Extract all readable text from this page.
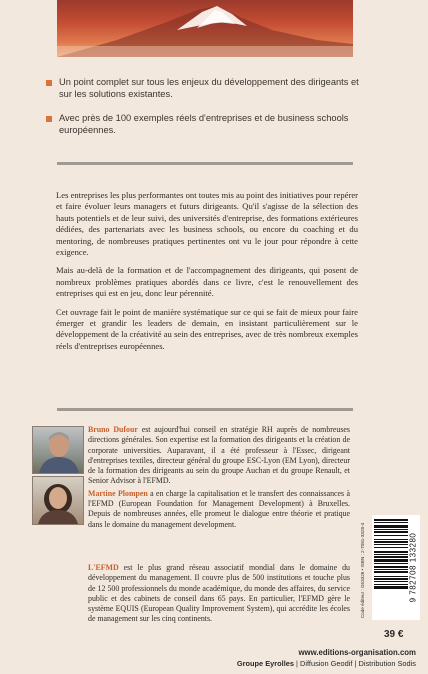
Un point complet sur tous les enjeux du développement des dirigeants et sur les solutions existantes.
Avec près de 100 exemples réels d'entreprises et de business schools européennes.

Les entreprises les plus performantes ont toutes mis au point des initiatives pour repérer et faire évoluer leurs managers et futurs dirigeants. Qu'il s'agisse de la sélection des hauts potentiels et de leur suivi, des universités d'entreprise, des formations extérieures dédiées, des partenariats avec les business schools, ou encore du coaching et du mentoring, de nombreuses pratiques pertinentes ont vu le jour pour répondre à cette exigence.

Mais au-delà de la formation et de l'accompagnement des dirigeants, qui posent de nombreux problèmes pratiques abordés dans ce livre, c'est le renouvellement des entreprises qui est en jeu, donc leur pérennité.

Cet ouvrage fait le point de manière systématique sur ce qui se fait de mieux pour faire émerger et grandir les leaders de demain, en insistant particulièrement sur le développement de la créativité au sein des entreprises, avec de très nombreux exemples réels d'entreprises européennes.

Bruno Dufour est aujourd'hui conseil en stratégie RH auprès de nombreuses directions générales. Son expertise est la formation des dirigeants et la création de corporate universities. Auparavant, il a été professeur à l'Essec, dirigeant d'entreprises textiles, directeur général du groupe ESC-Lyon (EM Lyon), directeur de la formation des dirigeants au sein du groupe Auchan et du groupe Renault, et Senior Advisor à l'EFMD.

Martine Plompen a en charge la capitalisation et le transfert des connaissances à l'EFMD (European Foundation for Management Development) à Bruxelles. Depuis de nombreuses années, elle promeut le dialogue entre théorie et pratique dans le domaine du management development.

L'EFMD est le plus grand réseau associatif mondial dans le domaine du développement du management. Il couvre plus de 500 institutions et touche plus de 12 500 professionnels du monde académique, du monde des affaires, du service public et des cabinets de conseil dans 65 pays. En particulier, l'EFMD gère le système EQUIS (European Quality Improvement System), qui accrédite les écoles de management sur les cinq continents.

Code éditeur : G53326 • ISBN : 2-7081-3328-4	9 782708 133280
39 €
www.editions-organisation.com
Groupe Eyrolles | Diffusion Geodif | Distribution Sodis
